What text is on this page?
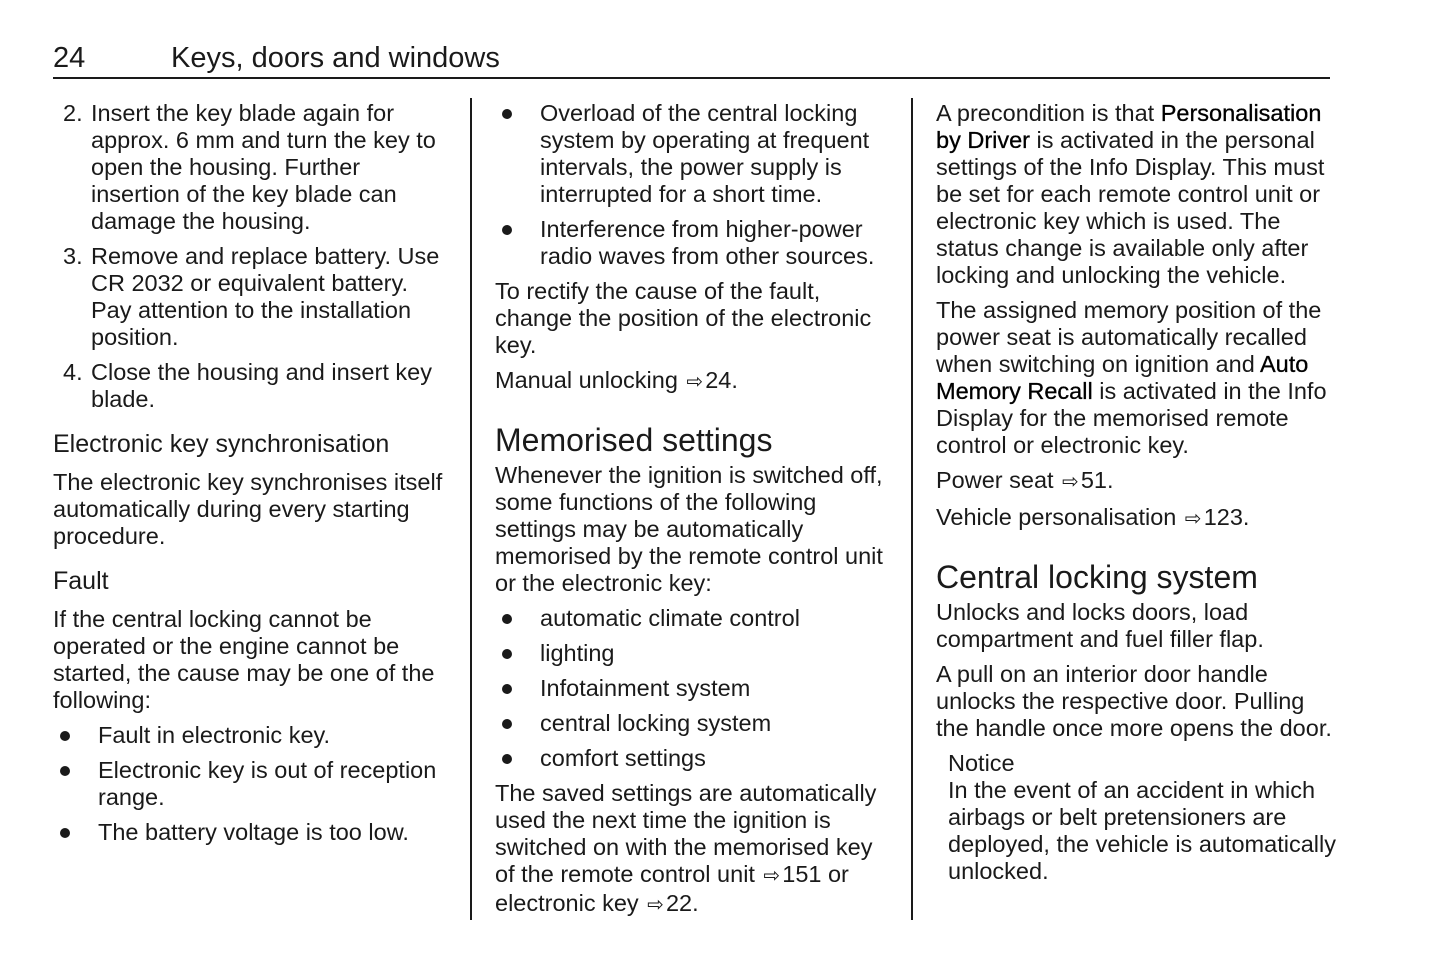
24	Keys, doors and windows
2. Insert the key blade again for approx. 6 mm and turn the key to open the housing. Further insertion of the key blade can damage the housing.
3. Remove and replace battery. Use CR 2032 or equivalent battery. Pay attention to the installation position.
4. Close the housing and insert key blade.
Electronic key synchronisation

The electronic key synchronises itself automatically during every starting procedure.

Fault

If the central locking cannot be operated or the engine cannot be started, the cause may be one of the following:

Fault in electronic key.
Electronic key is out of reception range.
The battery voltage is too low.
Overload of the central locking system by operating at frequent intervals, the power supply is interrupted for a short time.
Interference from higher-power radio waves from other sources.

To rectify the cause of the fault, change the position of the electronic key.

Manual unlocking ⇨24.

Memorised settings

Whenever the ignition is switched off, some functions of the following settings may be automatically memorised by the remote control unit or the electronic key:

automatic climate control
lighting
Infotainment system
central locking system
comfort settings

The saved settings are automatically used the next time the ignition is switched on with the memorised key of the remote control unit ⇨151 or electronic key ⇨22.

A precondition is that Personalisation by Driver is activated in the personal settings of the Info Display. This must be set for each remote control unit or electronic key which is used. The status change is available only after locking and unlocking the vehicle.

The assigned memory position of the power seat is automatically recalled when switching on ignition and Auto Memory Recall is activated in the Info Display for the memorised remote control or electronic key.

Power seat ⇨51.

Vehicle personalisation ⇨123.

Central locking system

Unlocks and locks doors, load compartment and fuel filler flap.

A pull on an interior door handle unlocks the respective door. Pulling the handle once more opens the door.

Notice
In the event of an accident in which airbags or belt pretensioners are deployed, the vehicle is automatically unlocked.
